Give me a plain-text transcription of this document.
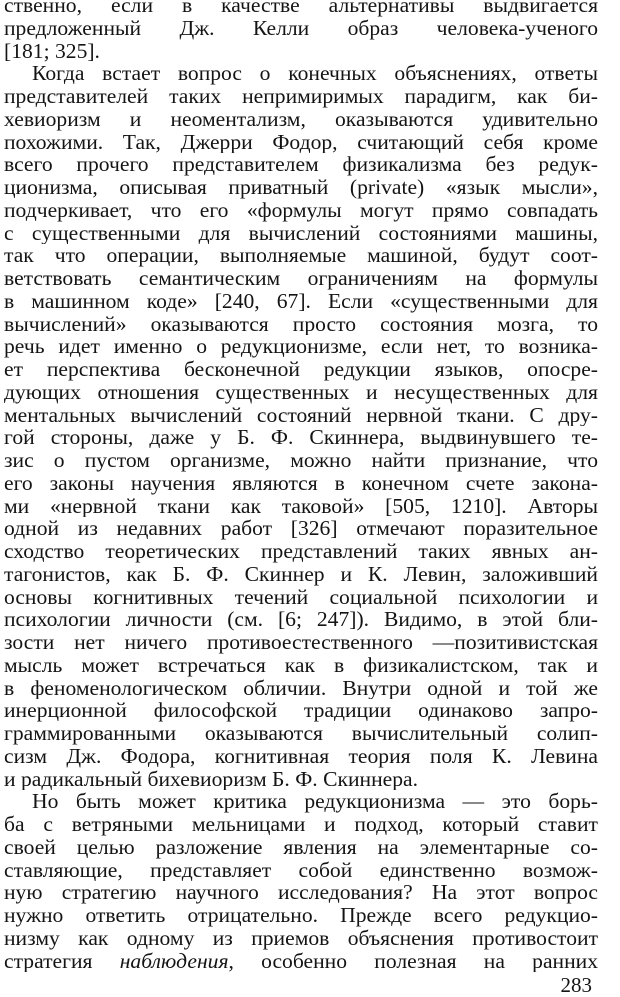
ственно, если в качестве альтернативы выдвигается
предложенный Дж. Келли образ человека-ученого
[181; 325].
Когда встает вопрос о конечных объяснениях, ответы
представителей таких непримиримых парадигм, как би-
хевиоризм и неоментализм, оказываются удивительно
похожими. Так, Джерри Фодор, считающий себя кроме
всего прочего представителем физикализма без редук-
ционизма, описывая приватный (private) «язык мысли»,
подчеркивает, что его «формулы могут прямо совпадать
с существенными для вычислений состояниями машины,
так что операции, выполняемые машиной, будут соот-
ветствовать семантическим ограничениям на формулы
в машинном коде» [240, 67]. Если «существенными для
вычислений» оказываются просто состояния мозга, то
речь идет именно о редукционизме, если нет, то возника-
ет перспектива бесконечной редукции языков, опосре-
дующих отношения существенных и несущественных для
ментальных вычислений состояний нервной ткани. С дру-
гой стороны, даже у Б. Ф. Скиннера, выдвинувшего те-
зис о пустом организме, можно найти признание, что
его законы научения являются в конечном счете закона-
ми «нервной ткани как таковой» [505, 1210]. Авторы
одной из недавних работ [326] отмечают поразительное
сходство теоретических представлений таких явных ан-
тагонистов, как Б. Ф. Скиннер и К. Левин, заложивший
основы когнитивных течений социальной психологии и
психологии личности (см. [6; 247]). Видимо, в этой бли-
зости нет ничего противоестественного —позитивистская
мысль может встречаться как в физикалистском, так и
в феноменологическом обличии. Внутри одной и той же
инерционной философской традиции одинаково запро-
граммированными оказываются вычислительный солип-
сизм Дж. Фодора, когнитивная теория поля К. Левина
и радикальный бихевиоризм Б. Ф. Скиннера.
Но быть может критика редукционизма — это борь-
ба с ветряными мельницами и подход, который ставит
своей целью разложение явления на элементарные со-
ставляющие, представляет собой единственно возмож-
ную стратегию научного исследования? На этот вопрос
нужно ответить отрицательно. Прежде всего редукцио-
низму как одному из приемов объяснения противостоит
стратегия наблюдения, особенно полезная на ранних
283
